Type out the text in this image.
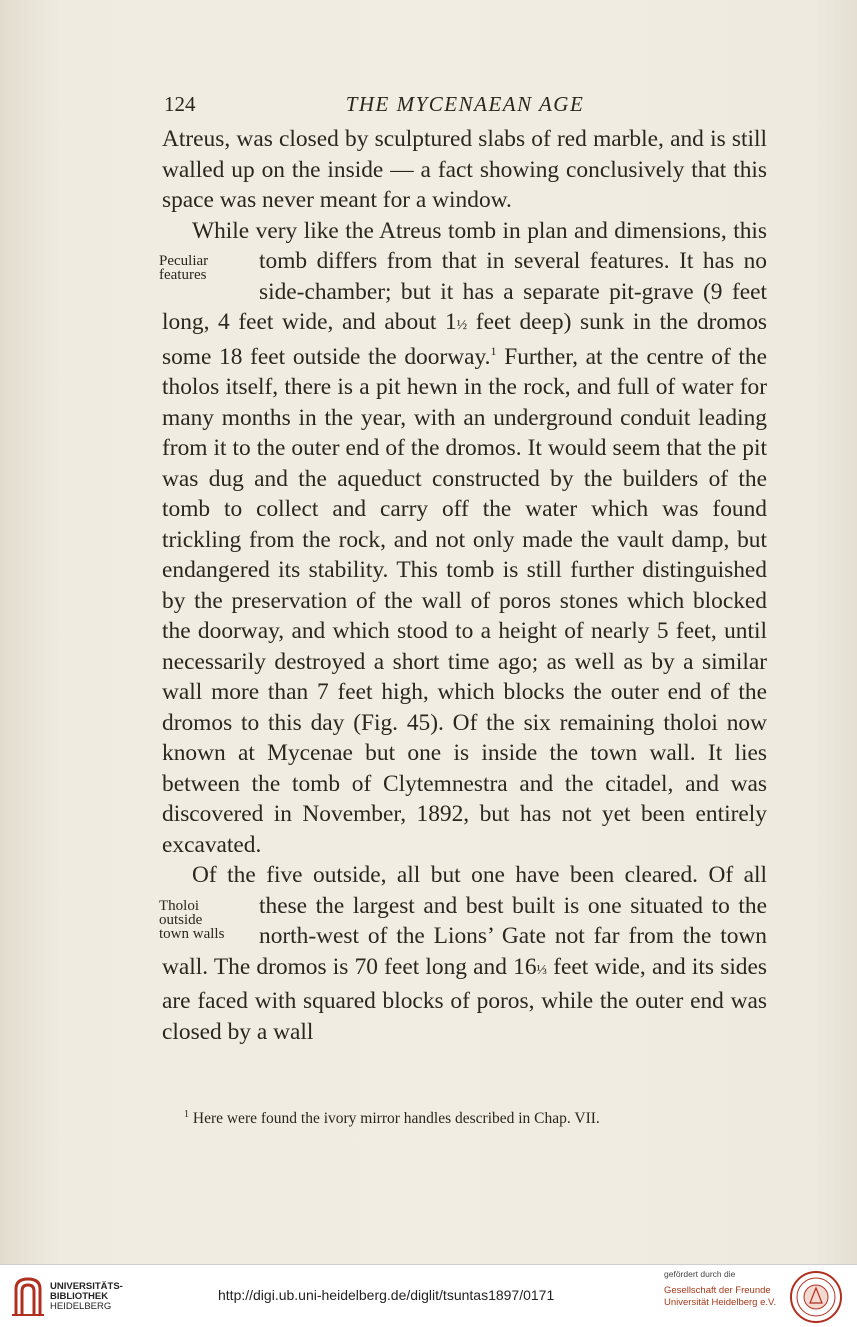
124	THE MYCENAEAN AGE

Atreus, was closed by sculptured slabs of red marble, and is still walled up on the inside — a fact showing conclusively that this space was never meant for a window.

While very like the Atreus tomb in plan and dimensions, this tomb differs from that in several features. It has no
Peculiar
features
side-chamber; but it has a separate pit-grave (9 feet long, 4 feet wide, and about 1½ feet deep) sunk in the dromos some 18 feet outside the doorway.$^1$ Further, at the centre of the tholos itself, there is a pit hewn in the rock, and full of water for many months in the year, with an underground conduit leading from it to the outer end of the dromos. It would seem that the pit was dug and the aqueduct constructed by the builders of the tomb to collect and carry off the water which was found trickling from the rock, and not only made the vault damp, but endangered its stability. This tomb is still further distinguished by the preservation of the wall of poros stones which blocked the doorway, and which stood to a height of nearly 5 feet, until necessarily destroyed a short time ago; as well as by a similar wall more than 7 feet high, which blocks the outer end of the dromos to this day (Fig. 45). Of the six remaining tholoi now known at Mycenae but one is inside the town wall. It lies between the tomb of Clytemnestra and the citadel, and was discovered in November, 1892, but has not yet been entirely excavated.

Of the five outside, all but one have been cleared. Of all these the largest and best built is one situated to the
Tholoi
outside
town walls	north-west of the Lions’ Gate not far from the town wall. The dromos is 70 feet long and 16⅓ feet wide, and its sides are faced with squared blocks of poros, while the outer end was closed by a wall

$^1$ Here were found the ivory mirror handles described in Chap. VII.
UNIVERSITÄTS-
BIBLIOTHEK
HEIDELBERG
http://digi.ub.uni-heidelberg.de/diglit/tsuntas1897/0171
gefördert durch die
Gesellschaft der Freunde
Universität Heidelberg e.V.
